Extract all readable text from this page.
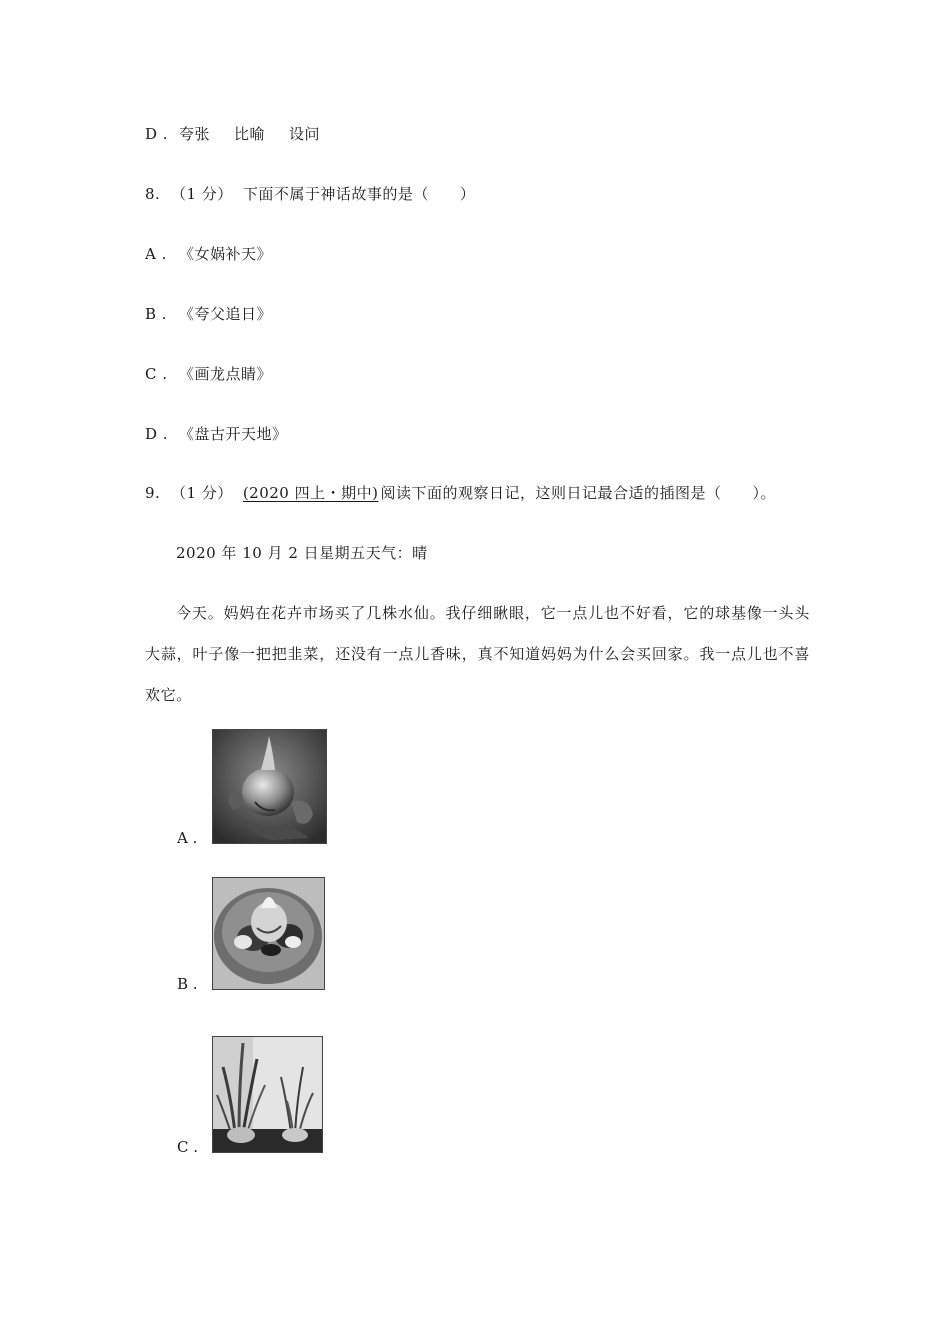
D . 夸张 比喻 设问
8. （1 分） 下面不属于神话故事的是（　　）
A . 《女娲补天》
B . 《夸父追日》
C . 《画龙点睛》
D . 《盘古开天地》
9. （1 分） (2020 四上・期中) 阅读下面的观察日记，这则日记最合适的插图是（　　）。
2020 年 10 月 2 日星期五天气：晴
今天。妈妈在花卉市场买了几株水仙。我仔细瞅眼，它一点儿也不好看，它的球基像一头头大蒜，叶子像一把把韭菜，还没有一点儿香味，真不知道妈妈为什么会买回家。我一点儿也不喜欢它。
A .
B .
C .
